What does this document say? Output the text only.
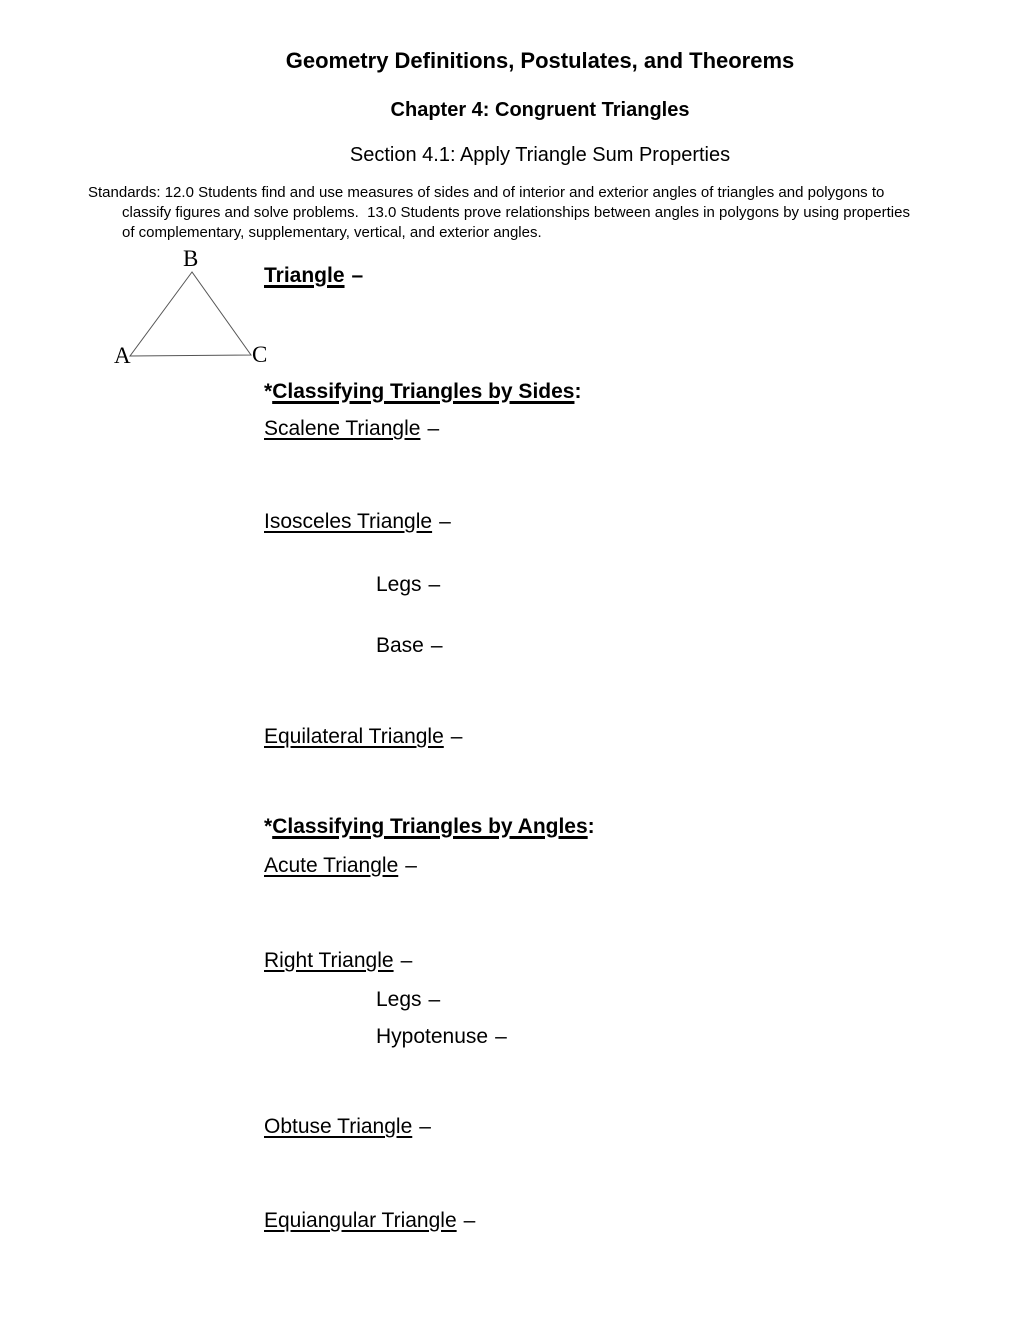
Geometry Definitions, Postulates, and Theorems
Chapter 4: Congruent Triangles
Section 4.1: Apply Triangle Sum Properties
Standards: 12.0 Students find and use measures of sides and of interior and exterior angles of triangles and polygons to
classify figures and solve problems.  13.0 Students prove relationships between angles in polygons by using properties
of complementary, supplementary, vertical, and exterior angles.
B
A	C
Triangle –
*Classifying Triangles by Sides:
Scalene Triangle –
Isosceles Triangle –
Legs –
Base –
Equilateral Triangle –
*Classifying Triangles by Angles:
Acute Triangle –
Right Triangle –
Legs –
Hypotenuse –
Obtuse Triangle –
Equiangular Triangle –
